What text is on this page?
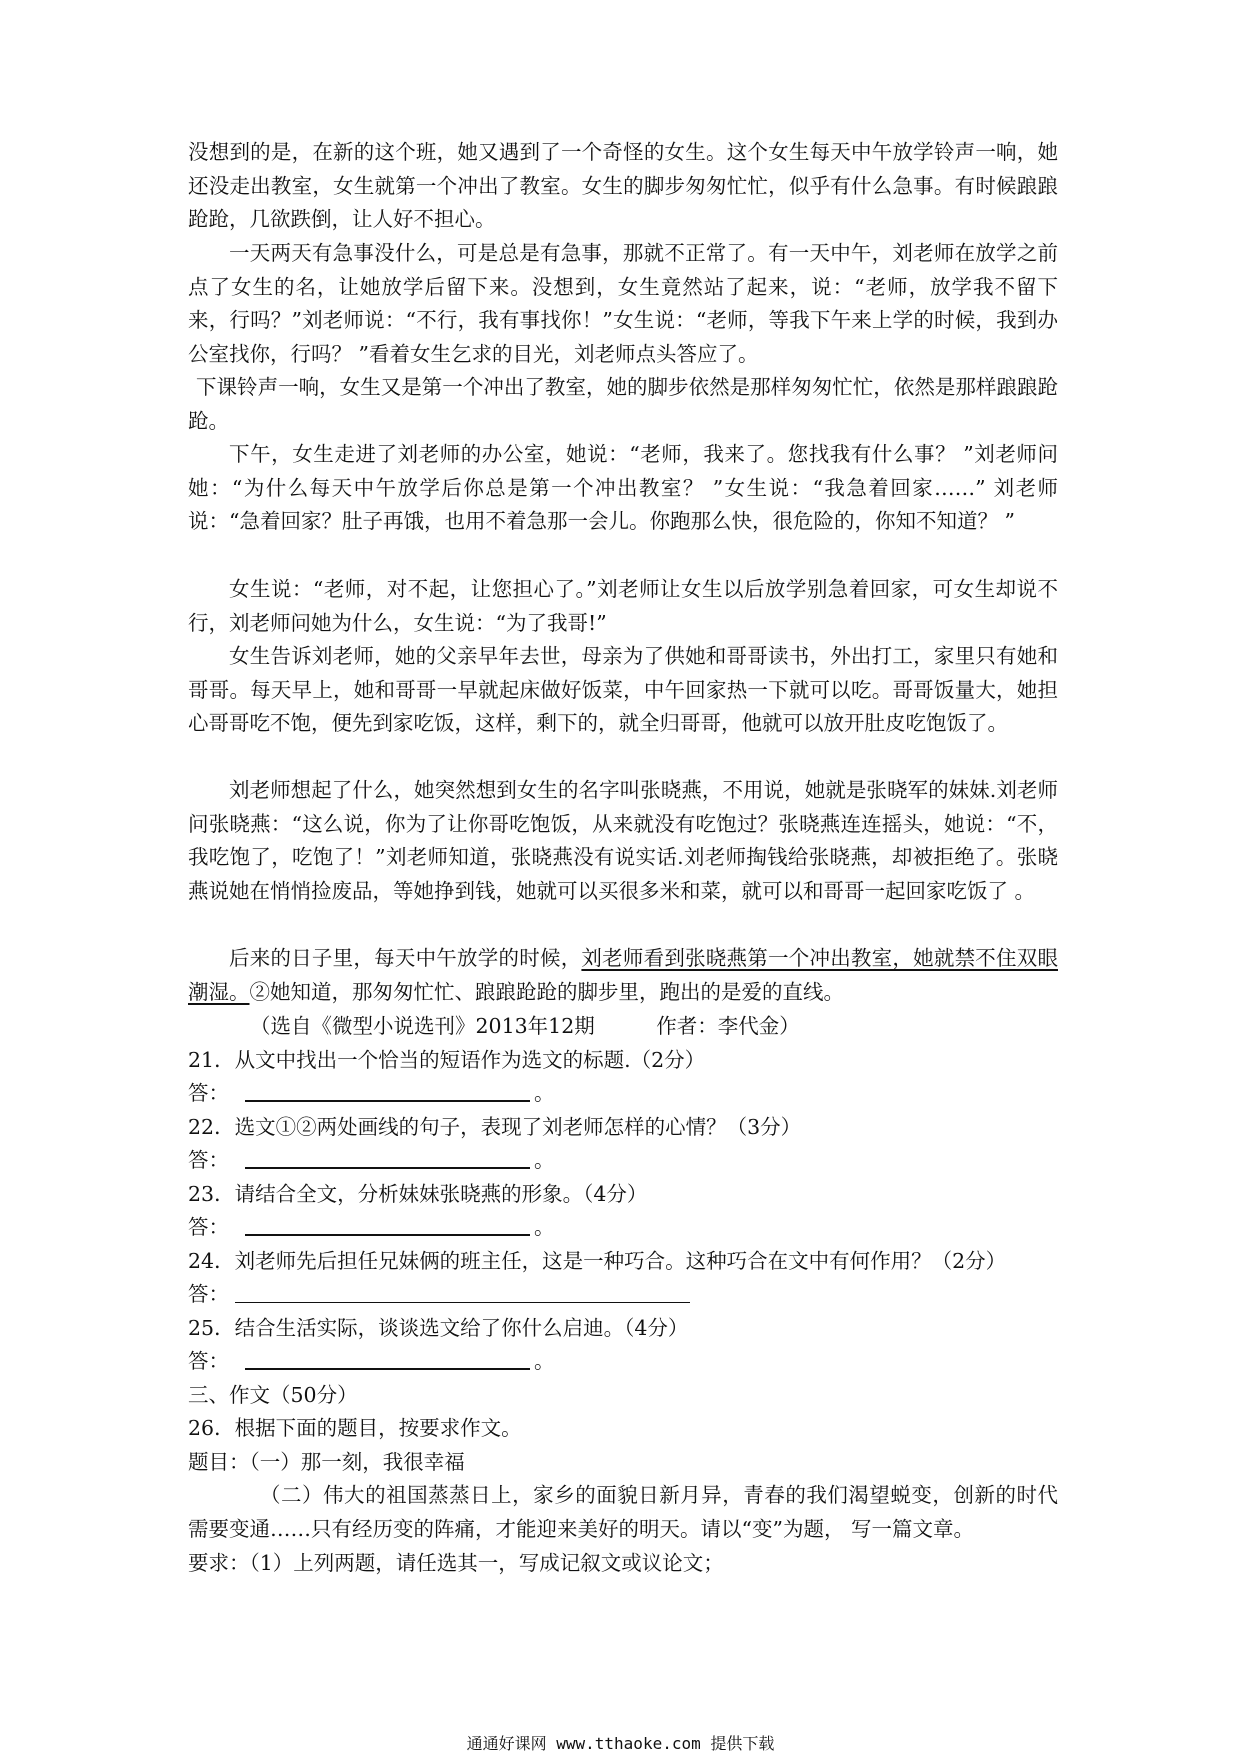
没想到的是，在新的这个班，她又遇到了一个奇怪的女生。这个女生每天中午放学铃声一响，她还没走出教室，女生就第一个冲出了教室。女生的脚步匆匆忙忙，似乎有什么急事。有时候踉踉跄跄，几欲跌倒，让人好不担心。

一天两天有急事没什么，可是总是有急事，那就不正常了。有一天中午，刘老师在放学之前点了女生的名，让她放学后留下来。没想到，女生竟然站了起来，说：“老师，放学我不留下来，行吗？”刘老师说：“不行，我有事找你！”女生说：“老师，等我下午来上学的时候，我到办公室找你，行吗？ ”看着女生乞求的目光，刘老师点头答应了。

下课铃声一响，女生又是第一个冲出了教室，她的脚步依然是那样匆匆忙忙，依然是那样踉踉跄跄。

下午，女生走进了刘老师的办公室，她说：“老师，我来了。您找我有什么事？ ”刘老师问她：“为什么每天中午放学后你总是第一个冲出教室？ ”女生说：“我急着回家……” 刘老师说：“急着回家？肚子再饿，也用不着急那一会儿。你跑那么快，很危险的，你知不知道？ ”

女生说：“老师，对不起，让您担心了。”刘老师让女生以后放学别急着回家，可女生却说不行，刘老师问她为什么，女生说：“为了我哥!”

女生告诉刘老师，她的父亲早年去世，母亲为了供她和哥哥读书，外出打工，家里只有她和哥哥。每天早上，她和哥哥一早就起床做好饭菜，中午回家热一下就可以吃。哥哥饭量大，她担心哥哥吃不饱，便先到家吃饭，这样，剩下的，就全归哥哥，他就可以放开肚皮吃饱饭了。

刘老师想起了什么，她突然想到女生的名字叫张晓燕，不用说，她就是张晓军的妹妹.刘老师问张晓燕：“这么说，你为了让你哥吃饱饭，从来就没有吃饱过？张晓燕连连摇头，她说：“不，我吃饱了，吃饱了！”刘老师知道，张晓燕没有说实话.刘老师掏钱给张晓燕，却被拒绝了。张晓燕说她在悄悄捡废品，等她挣到钱，她就可以买很多米和菜，就可以和哥哥一起回家吃饭了 。

后来的日子里，每天中午放学的时候，刘老师看到张晓燕第一个冲出教室，她就禁不住双眼潮湿。②她知道，那匆匆忙忙、踉踉跄跄的脚步里，跑出的是爱的直线。

（选自《微型小说选刊》2013年12期　　　作者：李代金）
21．从文中找出一个恰当的短语作为选文的标题.（2分）
答：	。
22．选文①②两处画线的句子，表现了刘老师怎样的心情？（3分）
答：	。
23．请结合全文，分析妹妹张晓燕的形象。（4分）
答：	。
24．刘老师先后担任兄妹俩的班主任，这是一种巧合。这种巧合在文中有何作用？（2分）
答：
25．结合生活实际，谈谈选文给了你什么启迪。（4分）
答：	。
三、作文（50分）
26．根据下面的题目，按要求作文。
题目：（一）那一刻，我很幸福

（二）伟大的祖国蒸蒸日上，家乡的面貌日新月异，青春的我们渴望蜕变，创新的时代需要变通……只有经历变的阵痛，才能迎来美好的明天。请以“变”为题， 写一篇文章。

要求：（1）上列两题，请任选其一，写成记叙文或议论文；
通通好课网 www.tthaoke.com 提供下载
